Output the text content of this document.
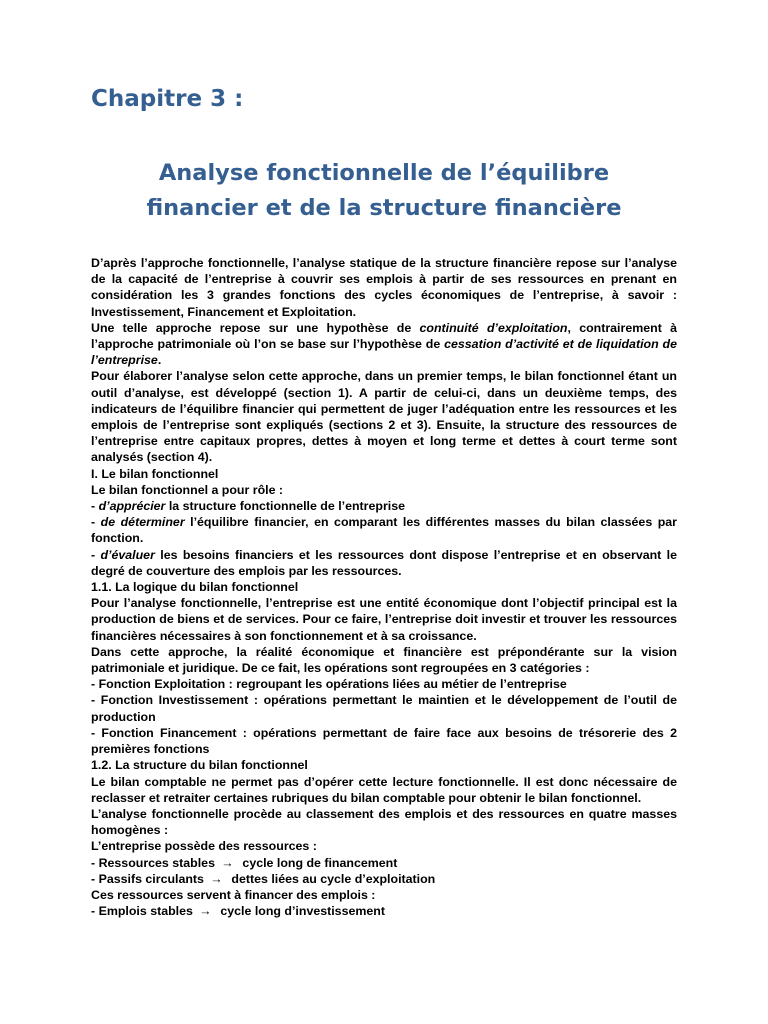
Chapitre 3 :
Analyse fonctionnelle de l’équilibre
financier et de la structure financière

D’après l’approche fonctionnelle, l’analyse statique de la structure financière repose sur l’analyse de la capacité de l’entreprise à couvrir ses emplois à partir de ses ressources en prenant en considération les 3 grandes fonctions des cycles économiques de l’entreprise, à savoir : Investissement, Financement et Exploitation.

Une telle approche repose sur une hypothèse de continuité d’exploitation, contrairement à l’approche patrimoniale où l’on se base sur l’hypothèse de cessation d’activité et de liquidation de l’entreprise.

Pour élaborer l’analyse selon cette approche, dans un premier temps, le bilan fonctionnel étant un outil d’analyse, est développé (section 1). A partir de celui-ci, dans un deuxième temps, des indicateurs de l’équilibre financier qui permettent de juger l’adéquation entre les ressources et les emplois de l’entreprise sont expliqués (sections 2 et 3). Ensuite, la structure des ressources de l’entreprise entre capitaux propres, dettes à moyen et long terme et dettes à court terme sont analysés (section 4).

I. Le bilan fonctionnel

Le bilan fonctionnel a pour rôle :

- d’apprécier la structure fonctionnelle de l’entreprise

- de déterminer l’équilibre financier, en comparant les différentes masses du bilan classées par fonction.

- d’évaluer les besoins financiers et les ressources dont dispose l’entreprise et en observant le degré de couverture des emplois par les ressources.

1.1. La logique du bilan fonctionnel

Pour l’analyse fonctionnelle, l’entreprise est une entité économique dont l’objectif principal est la production de biens et de services. Pour ce faire, l’entreprise doit investir et trouver les ressources financières nécessaires à son fonctionnement et à sa croissance.

Dans cette approche, la réalité économique et financière est prépondérante sur la vision patrimoniale et juridique. De ce fait, les opérations sont regroupées en 3 catégories :

- Fonction Exploitation : regroupant les opérations liées au métier de l’entreprise

- Fonction Investissement : opérations permettant le maintien et le développement de l’outil de production

- Fonction Financement : opérations permettant de faire face aux besoins de trésorerie des 2 premières fonctions

1.2. La structure du bilan fonctionnel

Le bilan comptable ne permet pas d’opérer cette lecture fonctionnelle. Il est donc nécessaire de reclasser et retraiter certaines rubriques du bilan comptable pour obtenir le bilan fonctionnel.

L’analyse fonctionnelle procède au classement des emplois et des ressources en quatre masses homogènes :

L’entreprise possède des ressources :

- Ressources stables → cycle long de financement

- Passifs circulants → dettes liées au cycle d’exploitation

Ces ressources servent à financer des emplois :

- Emplois stables → cycle long d’investissement
